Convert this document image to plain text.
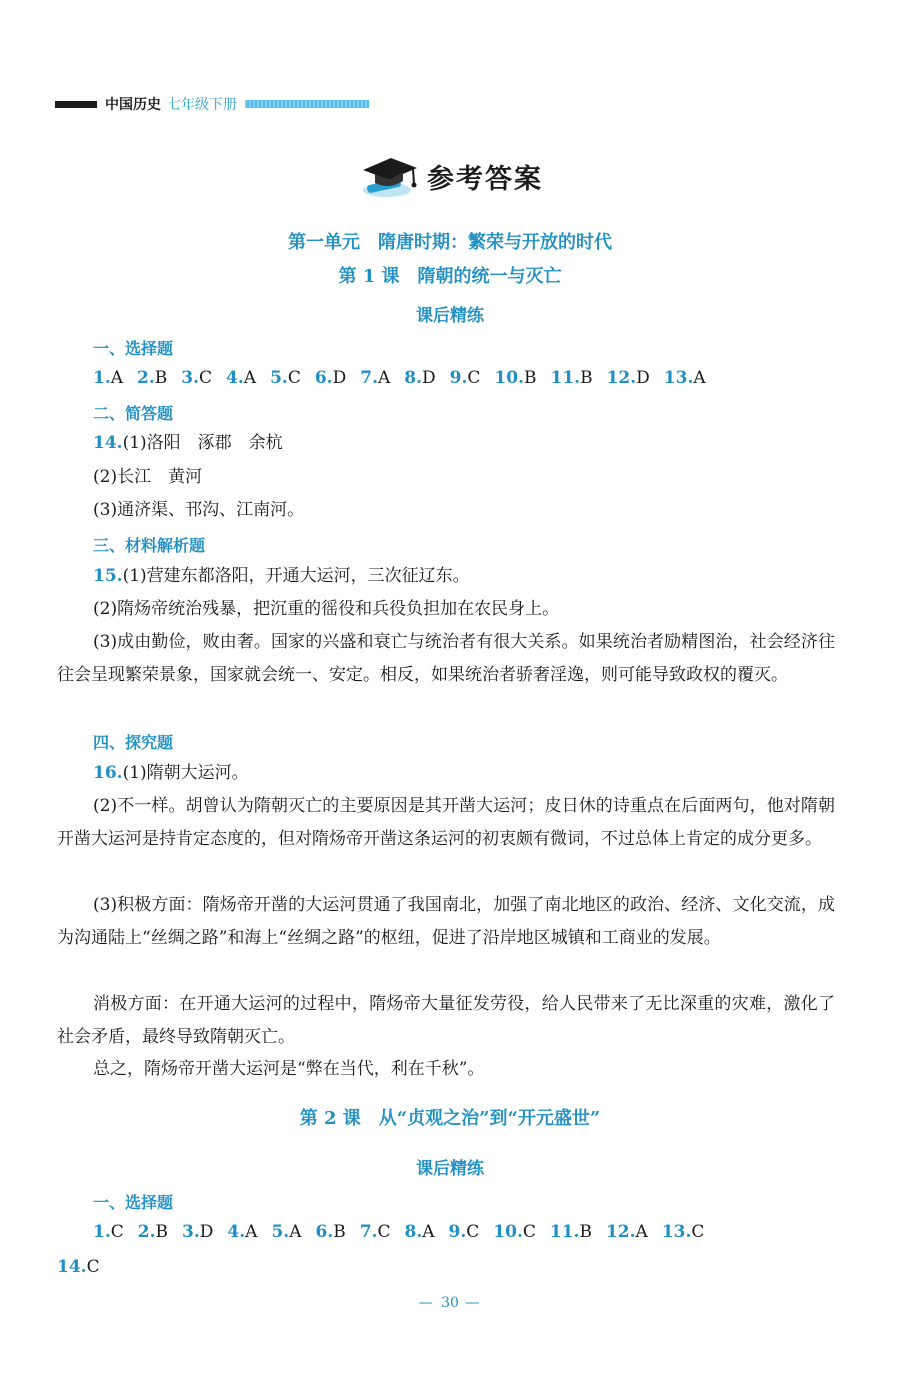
中国历史 七年级下册
参考答案
第一单元　隋唐时期：繁荣与开放的时代
第 1 课　隋朝的统一与灭亡
课后精练
一、选择题
1.A 2.B 3.C 4.A 5.C 6.D 7.A 8.D 9.C 10.B 11.B 12.D 13.A
二、简答题
14.(1)洛阳　涿郡　余杭
(2)长江　黄河
(3)通济渠、邗沟、江南河。
三、材料解析题
15.(1)营建东都洛阳，开通大运河，三次征辽东。
(2)隋炀帝统治残暴，把沉重的徭役和兵役负担加在农民身上。
(3)成由勤俭，败由奢。国家的兴盛和衰亡与统治者有很大关系。如果统治者励精图治，社会经济往往会呈现繁荣景象，国家就会统一、安定。相反，如果统治者骄奢淫逸，则可能导致政权的覆灭。
四、探究题
16.(1)隋朝大运河。
(2)不一样。胡曾认为隋朝灭亡的主要原因是其开凿大运河；皮日休的诗重点在后面两句，他对隋朝开凿大运河是持肯定态度的，但对隋炀帝开凿这条运河的初衷颇有微词，不过总体上肯定的成分更多。
(3)积极方面：隋炀帝开凿的大运河贯通了我国南北，加强了南北地区的政治、经济、文化交流，成为沟通陆上“丝绸之路”和海上“丝绸之路”的枢纽，促进了沿岸地区城镇和工商业的发展。
消极方面：在开通大运河的过程中，隋炀帝大量征发劳役，给人民带来了无比深重的灾难，激化了社会矛盾，最终导致隋朝灭亡。
总之，隋炀帝开凿大运河是“弊在当代，利在千秋”。
第 2 课　从“贞观之治”到“开元盛世”
课后精练
一、选择题
1.C 2.B 3.D 4.A 5.A 6.B 7.C 8.A 9.C 10.C 11.B 12.A 13.C
14.C
— 30 —
